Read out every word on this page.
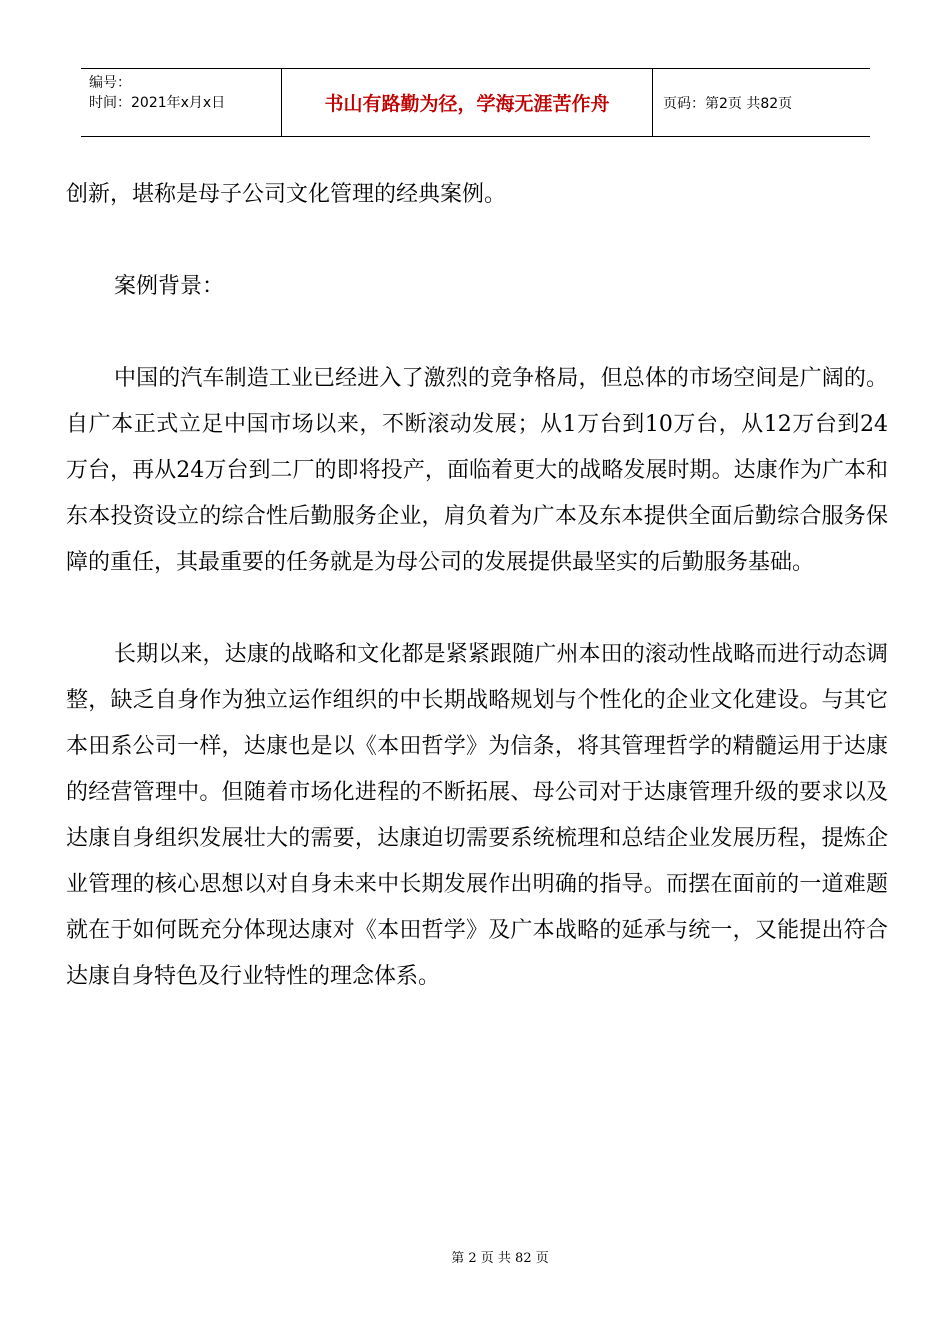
编号：
时间：2021年x月x日	书山有路勤为径，学海无涯苦作舟	页码：第2页 共82页

创新，堪称是母子公司文化管理的经典案例。

案例背景：

中国的汽车制造工业已经进入了激烈的竞争格局，但总体的市场空间是广阔的。自广本正式立足中国市场以来，不断滚动发展；从1万台到10万台，从12万台到24万台，再从24万台到二厂的即将投产，面临着更大的战略发展时期。达康作为广本和东本投资设立的综合性后勤服务企业，肩负着为广本及东本提供全面后勤综合服务保障的重任，其最重要的任务就是为母公司的发展提供最坚实的后勤服务基础。

长期以来，达康的战略和文化都是紧紧跟随广州本田的滚动性战略而进行动态调整，缺乏自身作为独立运作组织的中长期战略规划与个性化的企业文化建设。与其它本田系公司一样，达康也是以《本田哲学》为信条，将其管理哲学的精髓运用于达康的经营管理中。但随着市场化进程的不断拓展、母公司对于达康管理升级的要求以及达康自身组织发展壮大的需要，达康迫切需要系统梳理和总结企业发展历程，提炼企业管理的核心思想以对自身未来中长期发展作出明确的指导。而摆在面前的一道难题就在于如何既充分体现达康对《本田哲学》及广本战略的延承与统一，又能提出符合达康自身特色及行业特性的理念体系。

第 2 页 共 82 页
